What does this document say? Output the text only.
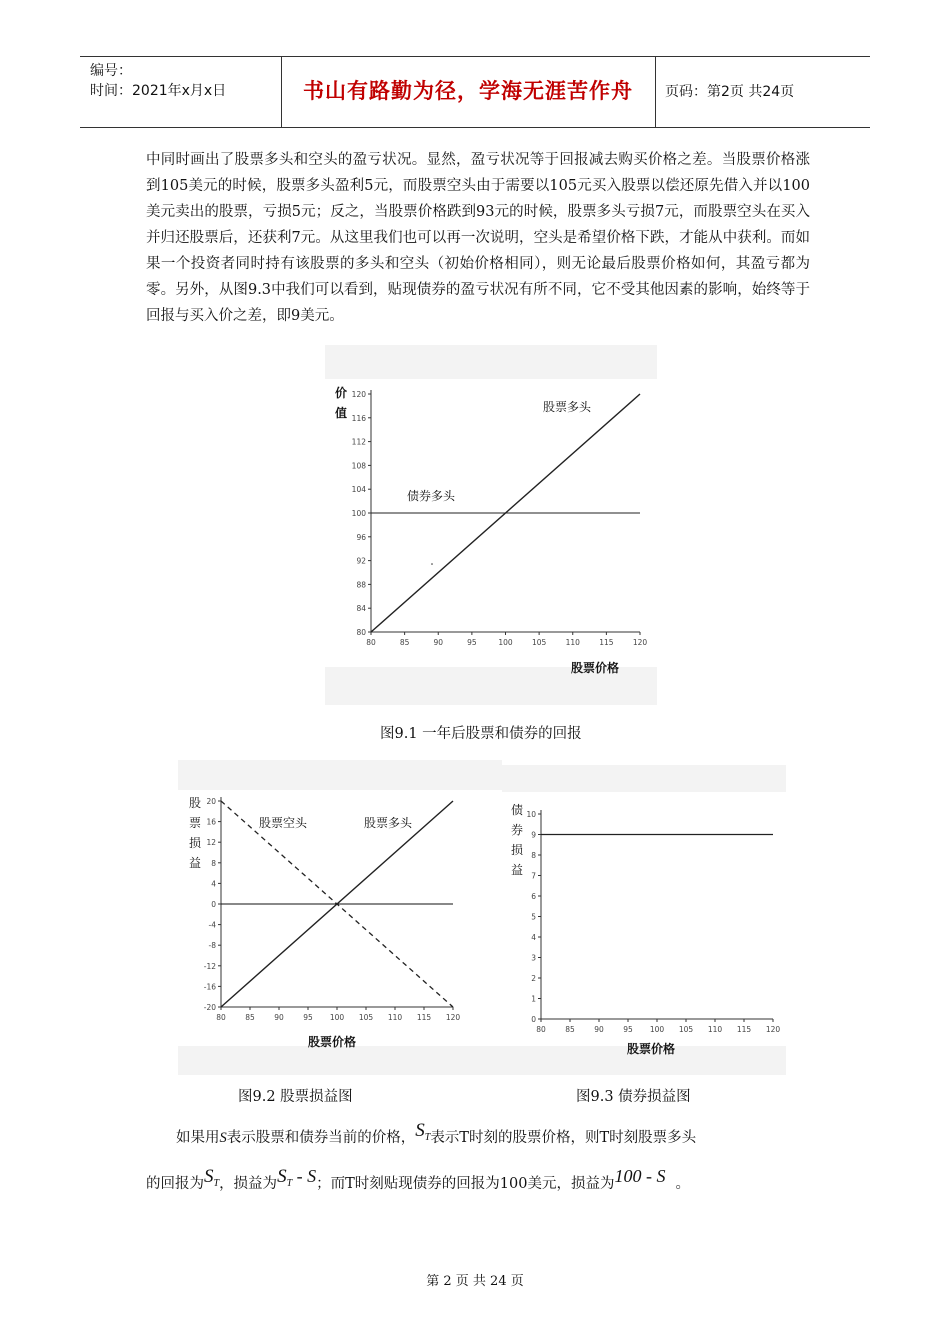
编号：
时间：2021年x月x日	书山有路勤为径，学海无涯苦作舟	页码：第2页 共24页
中同时画出了股票多头和空头的盈亏状况。显然，盈亏状况等于回报减去购买价格之差。当股票价格涨到105美元的时候，股票多头盈利5元，而股票空头由于需要以105元买入股票以偿还原先借入并以100美元卖出的股票，亏损5元；反之，当股票价格跌到93元的时候，股票多头亏损7元，而股票空头在买入并归还股票后，还获利7元。从这里我们也可以再一次说明，空头是希望价格下跌，才能从中获利。而如果一个投资者同时持有该股票的多头和空头（初始价格相同），则无论最后股票价格如何，其盈亏都为零。另外，从图9.3中我们可以看到，贴现债券的盈亏状况有所不同，它不受其他因素的影响，始终等于回报与买入价之差，即9美元。
价
值
股票价格
股票多头
债券多头
80	85	90	95	100	105	110	115	120
80
84
88
92
96
100
104
108
112
116
120
图9.1 一年后股票和债券的回报
股
票
损
益
股票空头	股票多头
股票价格
80	85	90	95 100 105 110 115 120
20
16
12
8
4
0
-4
-8
-12
-16
-20
图9.2 股票损益图
债
券
损
益
股票价格
80	85	90	95 100 105 110 115 120
10
9
8
7
6
5
4
3
2
1
0
图9.3 债券损益图
如果用S表示股票和债券当前的价格，$S_T$表示T时刻的股票价格，则T时刻股票多头
的回报为$S_T$，损益为$S_T$ - S；而T时刻贴现债券的回报为100美元，损益为100 - S 。
第 2 页 共 24 页
